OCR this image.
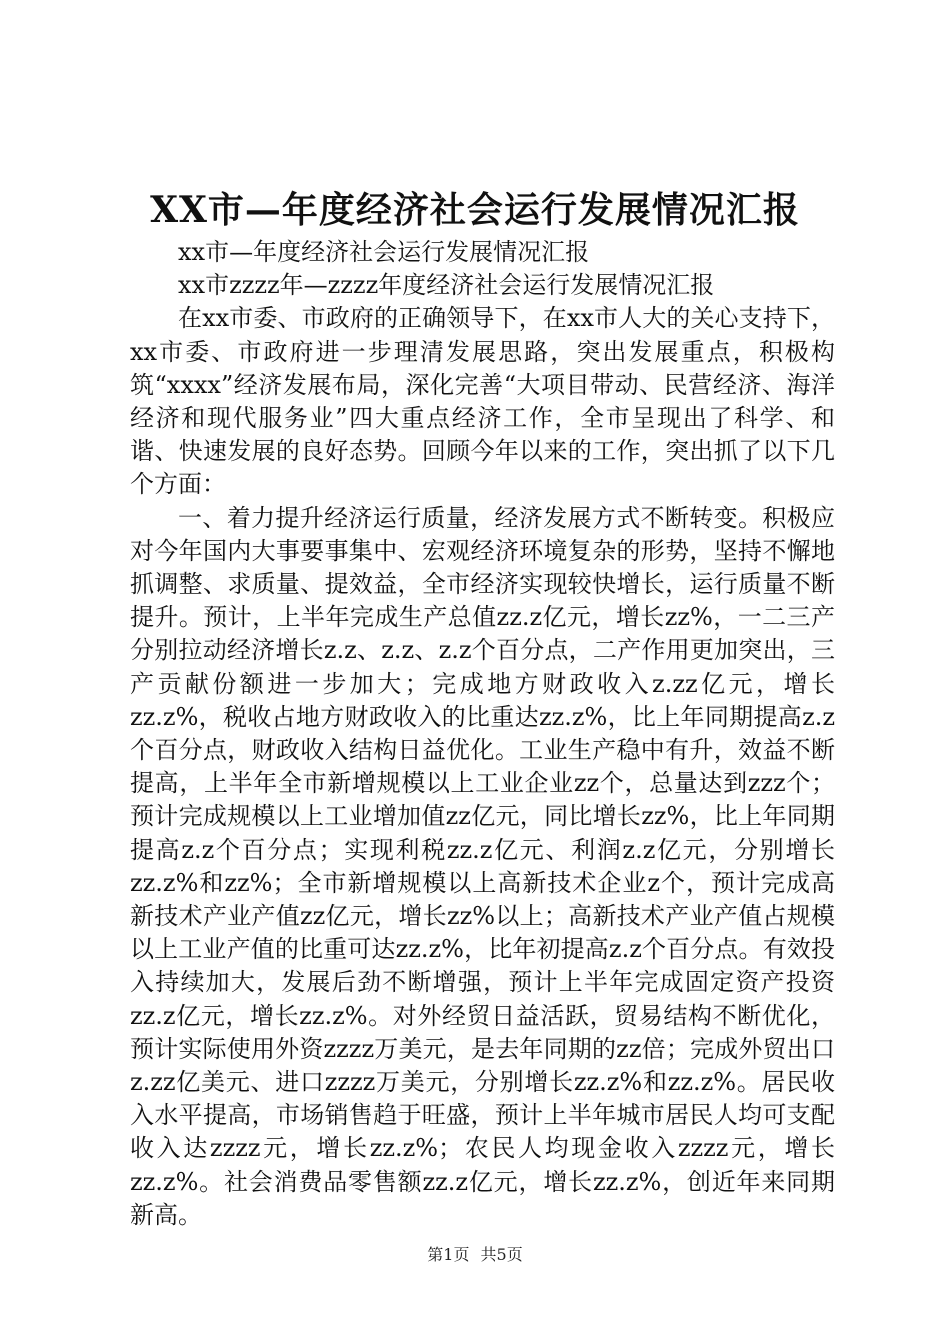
XX市—年度经济社会运行发展情况汇报

xx市—年度经济社会运行发展情况汇报

xx市zzzz年—zzzz年度经济社会运行发展情况汇报

在xx市委、市政府的正确领导下，在xx市人大的关心支持下，xx市委、市政府进一步理清发展思路，突出发展重点，积极构筑“xxxx”经济发展布局，深化完善“大项目带动、民营经济、海洋经济和现代服务业”四大重点经济工作，全市呈现出了科学、和谐、快速发展的良好态势。回顾今年以来的工作，突出抓了以下几个方面：

一、着力提升经济运行质量，经济发展方式不断转变。积极应对今年国内大事要事集中、宏观经济环境复杂的形势，坚持不懈地抓调整、求质量、提效益，全市经济实现较快增长，运行质量不断提升。预计，上半年完成生产总值zz.z亿元，增长zz%，一二三产分别拉动经济增长z.z、z.z、z.z个百分点，二产作用更加突出，三产贡献份额进一步加大；完成地方财政收入z.zz亿元，增长zz.z%，税收占地方财政收入的比重达zz.z%，比上年同期提高z.z个百分点，财政收入结构日益优化。工业生产稳中有升，效益不断提高，上半年全市新增规模以上工业企业zz个，总量达到zzz个；预计完成规模以上工业增加值zz亿元，同比增长zz%，比上年同期提高z.z个百分点；实现利税zz.z亿元、利润z.z亿元，分别增长zz.z%和zz%；全市新增规模以上高新技术企业z个，预计完成高新技术产业产值zz亿元，增长zz%以上；高新技术产业产值占规模以上工业产值的比重可达zz.z%，比年初提高z.z个百分点。有效投入持续加大，发展后劲不断增强，预计上半年完成固定资产投资zz.z亿元，增长zz.z%。对外经贸日益活跃，贸易结构不断优化，预计实际使用外资zzzz万美元，是去年同期的zz倍；完成外贸出口z.zz亿美元、进口zzzz万美元，分别增长zz.z%和zz.z%。居民收入水平提高，市场销售趋于旺盛，预计上半年城市居民人均可支配收入达zzzz元，增长zz.z%；农民人均现金收入zzzz元，增长zz.z%。社会消费品零售额zz.z亿元，增长zz.z%，创近年来同期新高。

第1页 共5页
